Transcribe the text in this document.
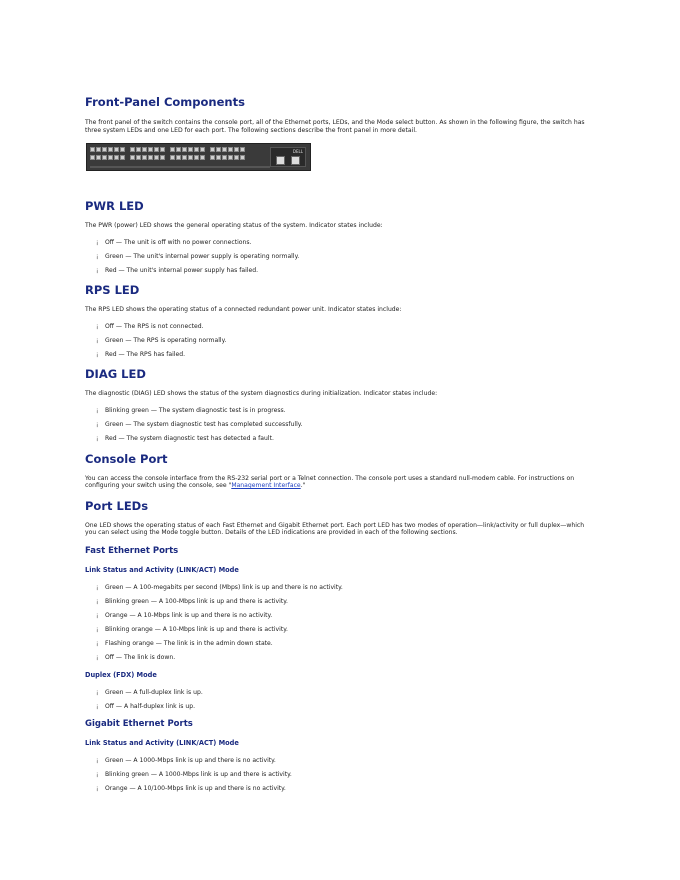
Front-Panel Components

The front panel of the switch contains the console port, all of the Ethernet ports, LEDs, and the Mode select button. As shown in the following figure, the switch has three system LEDs and one LED for each port. The following sections describe the front panel in more detail.

DELL
PWR LED

The PWR (power) LED shows the general operating status of the system. Indicator states include:

¡ Off — The unit is off with no power connections.
¡ Green — The unit's internal power supply is operating normally.
¡ Red — The unit's internal power supply has failed.
RPS LED

The RPS LED shows the operating status of a connected redundant power unit. Indicator states include:

¡ Off — The RPS is not connected.
¡ Green — The RPS is operating normally.
¡ Red — The RPS has failed.
DIAG LED

The diagnostic (DIAG) LED shows the status of the system diagnostics during initialization. Indicator states include:

¡ Blinking green — The system diagnostic test is in progress.
¡ Green — The system diagnostic test has completed successfully.
¡ Red — The system diagnostic test has detected a fault.
Console Port

You can access the console interface from the RS-232 serial port or a Telnet connection. The console port uses a standard null-modem cable. For instructions on configuring your switch using the console, see "Management Interface."

Port LEDs

One LED shows the operating status of each Fast Ethernet and Gigabit Ethernet port. Each port LED has two modes of operation—link/activity or full duplex—which you can select using the Mode toggle button. Details of the LED indications are provided in each of the following sections.

Fast Ethernet Ports
Link Status and Activity (LINK/ACT) Mode
¡ Green — A 100-megabits per second (Mbps) link is up and there is no activity.
¡ Blinking green — A 100-Mbps link is up and there is activity.
¡ Orange — A 10-Mbps link is up and there is no activity.
¡ Blinking orange — A 10-Mbps link is up and there is activity.
¡ Flashing orange — The link is in the admin down state.
¡ Off — The link is down.
Duplex (FDX) Mode
¡ Green — A full-duplex link is up.
¡ Off — A half-duplex link is up.
Gigabit Ethernet Ports
Link Status and Activity (LINK/ACT) Mode
¡ Green — A 1000-Mbps link is up and there is no activity.
¡ Blinking green — A 1000-Mbps link is up and there is activity.
¡ Orange — A 10/100-Mbps link is up and there is no activity.
